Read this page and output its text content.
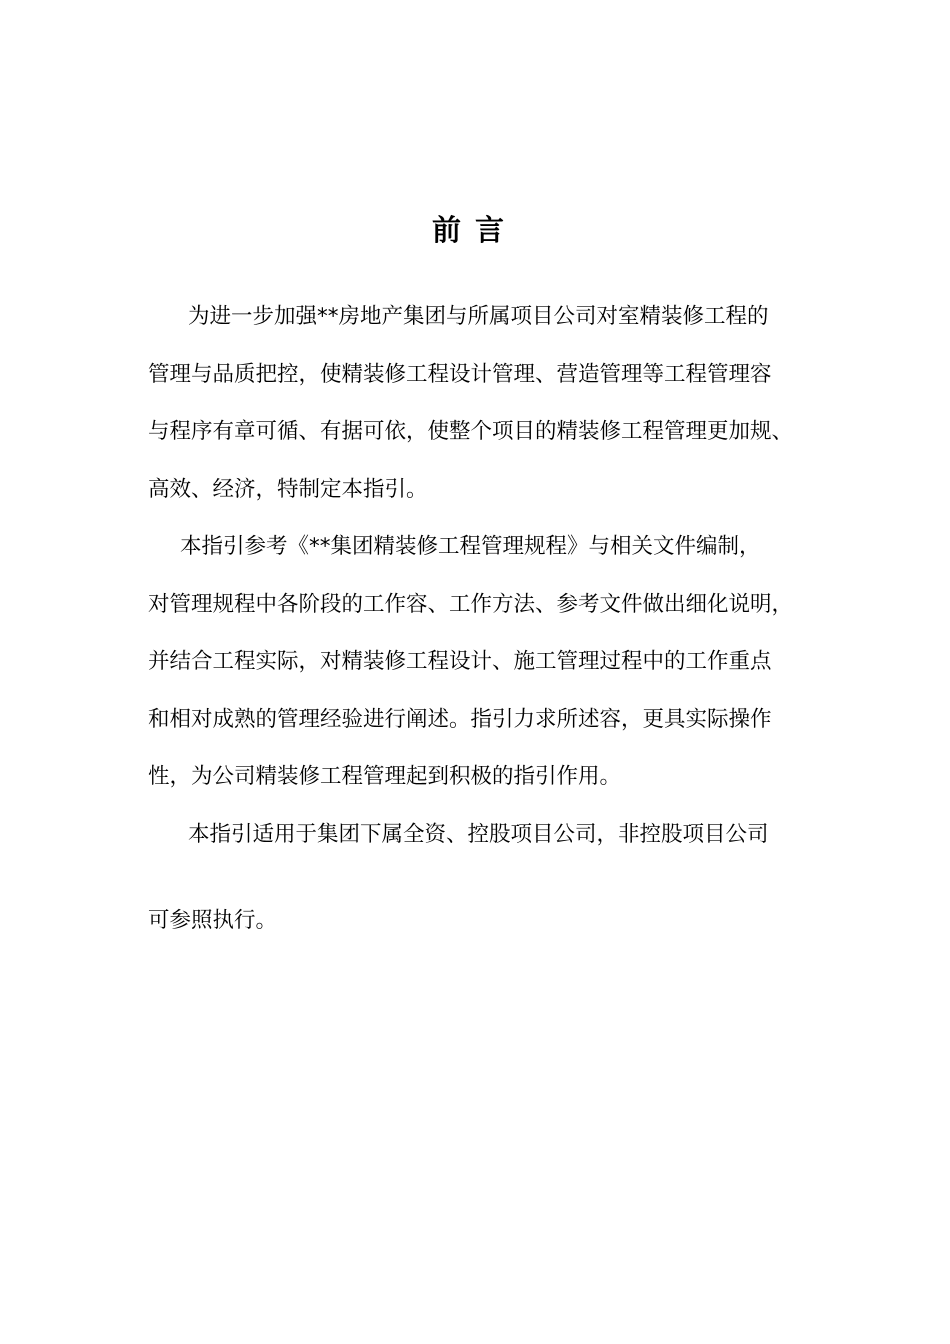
前言
为进一步加强**房地产集团与所属项目公司对室精装修工程的
管理与品质把控，使精装修工程设计管理、营造管理等工程管理容
与程序有章可循、有据可依，使整个项目的精装修工程管理更加规、
高效、经济，特制定本指引。
本指引参考《**集团精装修工程管理规程》与相关文件编制，
对管理规程中各阶段的工作容、工作方法、参考文件做出细化说明，
并结合工程实际，对精装修工程设计、施工管理过程中的工作重点
和相对成熟的管理经验进行阐述。指引力求所述容，更具实际操作
性，为公司精装修工程管理起到积极的指引作用。
本指引适用于集团下属全资、控股项目公司，非控股项目公司
可参照执行。
